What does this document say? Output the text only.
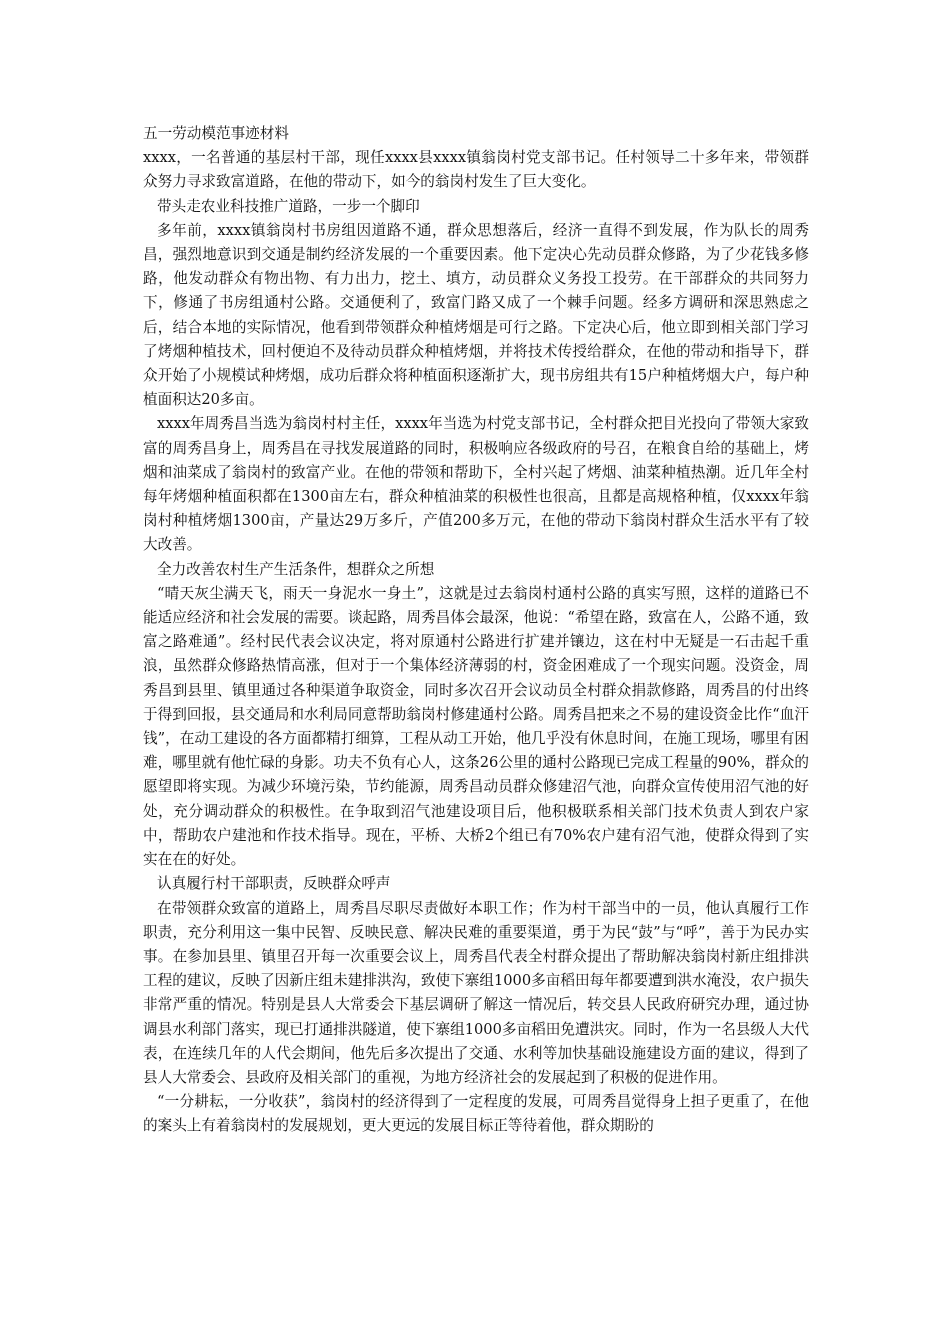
五一劳动模范事迹材料

xxxx，一名普通的基层村干部，现任xxxx县xxxx镇翁岗村党支部书记。任村领导二十多年来，带领群众努力寻求致富道路，在他的带动下，如今的翁岗村发生了巨大变化。

带头走农业科技推广道路，一步一个脚印

多年前，xxxx镇翁岗村书房组因道路不通，群众思想落后，经济一直得不到发展，作为队长的周秀昌，强烈地意识到交通是制约经济发展的一个重要因素。他下定决心先动员群众修路，为了少花钱多修路，他发动群众有物出物、有力出力，挖土、填方，动员群众义务投工投劳。在干部群众的共同努力下，修通了书房组通村公路。交通便利了，致富门路又成了一个棘手问题。经多方调研和深思熟虑之后，结合本地的实际情况，他看到带领群众种植烤烟是可行之路。下定决心后，他立即到相关部门学习了烤烟种植技术，回村便迫不及待动员群众种植烤烟，并将技术传授给群众，在他的带动和指导下，群众开始了小规模试种烤烟，成功后群众将种植面积逐渐扩大，现书房组共有15户种植烤烟大户，每户种植面积达20多亩。

xxxx年周秀昌当选为翁岗村村主任，xxxx年当选为村党支部书记，全村群众把目光投向了带领大家致富的周秀昌身上，周秀昌在寻找发展道路的同时，积极响应各级政府的号召，在粮食自给的基础上，烤烟和油菜成了翁岗村的致富产业。在他的带领和帮助下，全村兴起了烤烟、油菜种植热潮。近几年全村每年烤烟种植面积都在1300亩左右，群众种植油菜的积极性也很高，且都是高规格种植，仅xxxx年翁岗村种植烤烟1300亩，产量达29万多斤，产值200多万元，在他的带动下翁岗村群众生活水平有了较大改善。

全力改善农村生产生活条件，想群众之所想

“晴天灰尘满天飞，雨天一身泥水一身土”，这就是过去翁岗村通村公路的真实写照，这样的道路已不能适应经济和社会发展的需要。谈起路，周秀昌体会最深，他说：“希望在路，致富在人，公路不通，致富之路难通”。经村民代表会议决定，将对原通村公路进行扩建并镶边，这在村中无疑是一石击起千重浪，虽然群众修路热情高涨，但对于一个集体经济薄弱的村，资金困难成了一个现实问题。没资金，周秀昌到县里、镇里通过各种渠道争取资金，同时多次召开会议动员全村群众捐款修路，周秀昌的付出终于得到回报，县交通局和水利局同意帮助翁岗村修建通村公路。周秀昌把来之不易的建设资金比作“血汗钱”，在动工建设的各方面都精打细算，工程从动工开始，他几乎没有休息时间，在施工现场，哪里有困难，哪里就有他忙碌的身影。功夫不负有心人，这条26公里的通村公路现已完成工程量的90%，群众的愿望即将实现。为减少环境污染，节约能源，周秀昌动员群众修建沼气池，向群众宣传使用沼气池的好处，充分调动群众的积极性。在争取到沼气池建设项目后，他积极联系相关部门技术负责人到农户家中，帮助农户建池和作技术指导。现在，平桥、大桥2个组已有70%农户建有沼气池，使群众得到了实实在在的好处。

认真履行村干部职责，反映群众呼声

在带领群众致富的道路上，周秀昌尽职尽责做好本职工作；作为村干部当中的一员，他认真履行工作职责，充分利用这一集中民智、反映民意、解决民难的重要渠道，勇于为民“鼓”与“呼”，善于为民办实事。在参加县里、镇里召开每一次重要会议上，周秀昌代表全村群众提出了帮助解决翁岗村新庄组排洪工程的建议，反映了因新庄组未建排洪沟，致使下寨组1000多亩稻田每年都要遭到洪水淹没，农户损失非常严重的情况。特别是县人大常委会下基层调研了解这一情况后，转交县人民政府研究办理，通过协调县水利部门落实，现已打通排洪隧道，使下寨组1000多亩稻田免遭洪灾。同时，作为一名县级人大代表，在连续几年的人代会期间，他先后多次提出了交通、水利等加快基础设施建设方面的建议，得到了县人大常委会、县政府及相关部门的重视，为地方经济社会的发展起到了积极的促进作用。

“一分耕耘，一分收获”，翁岗村的经济得到了一定程度的发展，可周秀昌觉得身上担子更重了，在他的案头上有着翁岗村的发展规划，更大更远的发展目标正等待着他，群众期盼的
